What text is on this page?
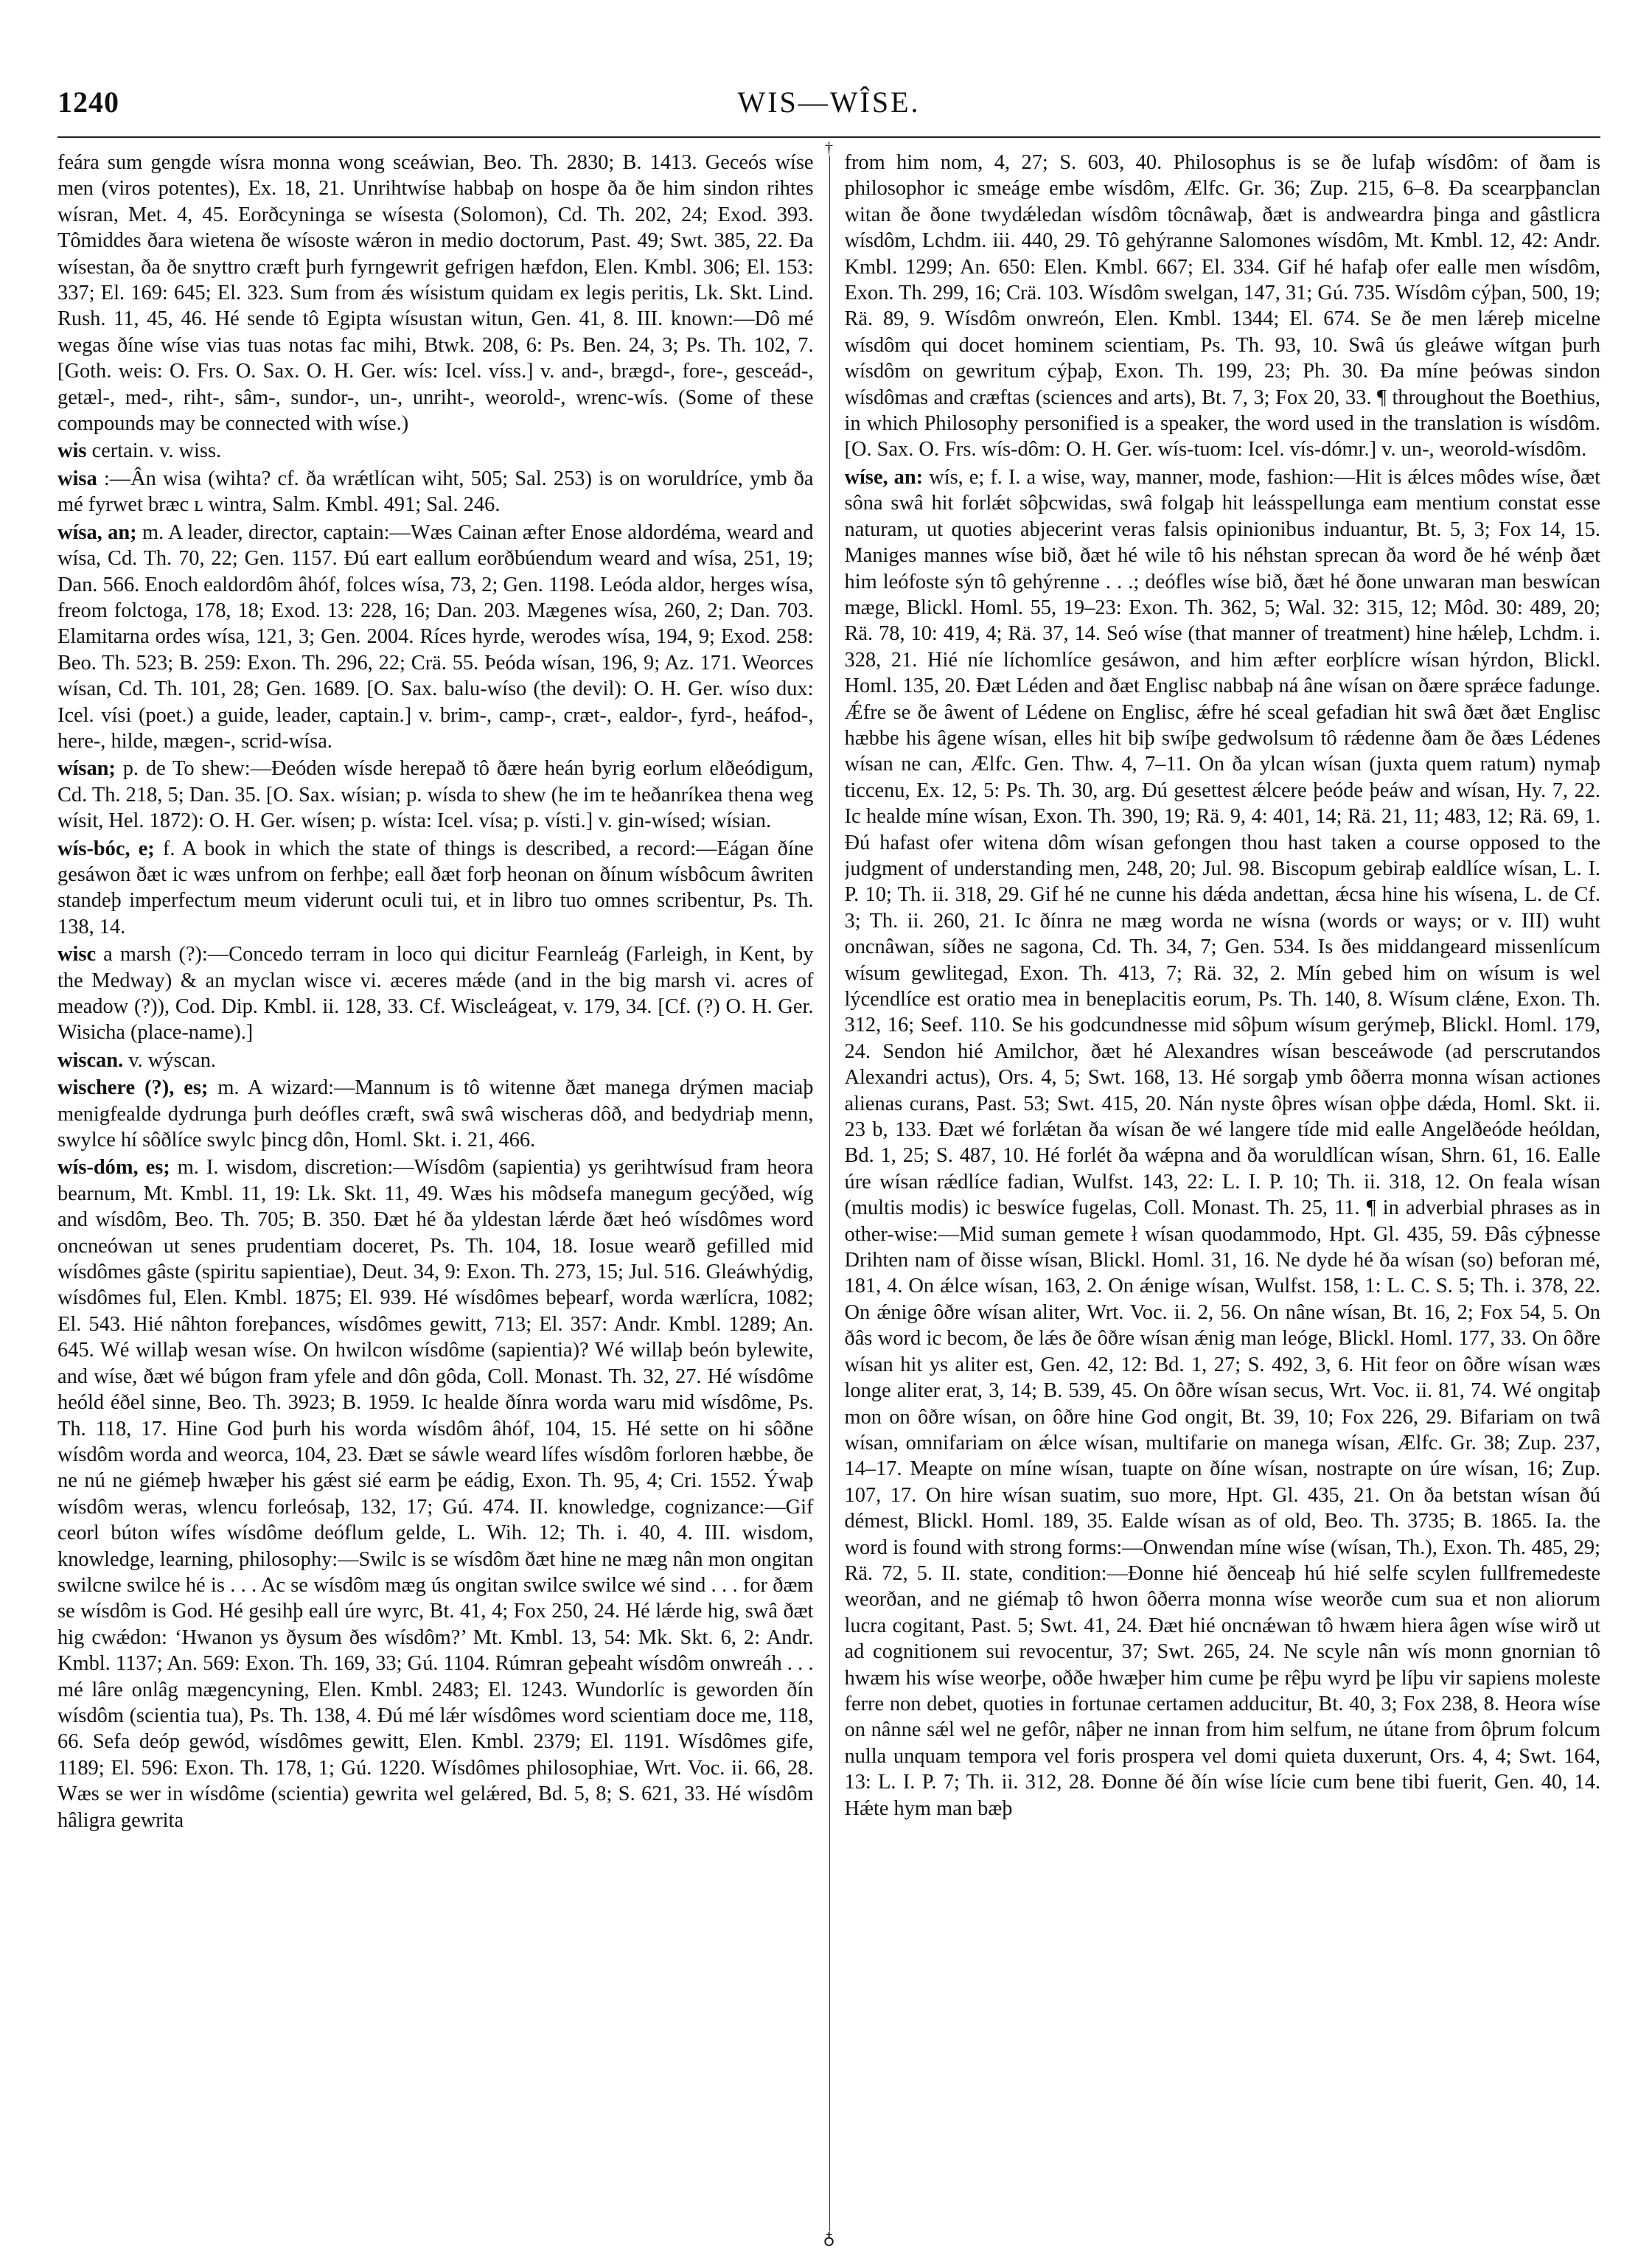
1240	WIS—WÎSE.

feára sum gengde wísra monna wong sceáwian, Beo. Th. 2830; B. 1413. Geceós wíse men (viros potentes), Ex. 18, 21. Unrihtwíse habbaþ on hospe ða ðe him sindon rihtes wísran, Met. 4, 45. Eorðcyninga se wísesta (Solomon), Cd. Th. 202, 24; Exod. 393. Tômiddes ðara wietena ðe wísoste wǽron in medio doctorum, Past. 49; Swt. 385, 22. Ða wísestan, ða ðe snyttro cræft þurh fyrngewrit gefrigen hæfdon, Elen. Kmbl. 306; El. 153: 337; El. 169: 645; El. 323. Sum from ǽs wísistum quidam ex legis peritis, Lk. Skt. Lind. Rush. 11, 45, 46. Hé sende tô Egipta wísustan witun, Gen. 41, 8. III. known:—Dô mé wegas ðíne wíse vias tuas notas fac mihi, Btwk. 208, 6: Ps. Ben. 24, 3; Ps. Th. 102, 7. [Goth. weis: O. Frs. O. Sax. O. H. Ger. wís: Icel. víss.] v. and-, brægd-, fore-, gesceád-, getæl-, med-, riht-, sâm-, sundor-, un-, unriht-, weorold-, wrenc-wís. (Some of these compounds may be connected with wíse.)

wis certain. v. wiss.

wisa :—Ân wisa (wihta? cf. ða wrǽtlícan wiht, 505; Sal. 253) is on woruldríce, ymb ða mé fyrwet bræc ʟ wintra, Salm. Kmbl. 491; Sal. 246.

wísa, an; m. A leader, director, captain:—Wæs Cainan æfter Enose aldordéma, weard and wísa, Cd. Th. 70, 22; Gen. 1157. Ðú eart eallum eorðbúendum weard and wísa, 251, 19; Dan. 566. Enoch ealdordôm âhóf, folces wísa, 73, 2; Gen. 1198. Leóda aldor, herges wísa, freom folctoga, 178, 18; Exod. 13: 228, 16; Dan. 203. Mægenes wísa, 260, 2; Dan. 703. Elamitarna ordes wísa, 121, 3; Gen. 2004. Ríces hyrde, werodes wísa, 194, 9; Exod. 258: Beo. Th. 523; B. 259: Exon. Th. 296, 22; Crä. 55. Þeóda wísan, 196, 9; Az. 171. Weorces wísan, Cd. Th. 101, 28; Gen. 1689. [O. Sax. balu-wíso (the devil): O. H. Ger. wíso dux: Icel. vísi (poet.) a guide, leader, captain.] v. brim-, camp-, cræt-, ealdor-, fyrd-, heáfod-, here-, hilde, mægen-, scrid-wísa.

wísan; p. de To shew:—Ðeóden wísde herepað tô ðære heán byrig eorlum elðeódigum, Cd. Th. 218, 5; Dan. 35. [O. Sax. wísian; p. wísda to shew (he im te heðanríkea thena weg wísit, Hel. 1872): O. H. Ger. wísen; p. wísta: Icel. vísa; p. vísti.] v. gin-wísed; wísian.

wís-bóc, e; f. A book in which the state of things is described, a record:—Eágan ðíne gesáwon ðæt ic wæs unfrom on ferhþe; eall ðæt forþ heonan on ðínum wísbôcum âwriten standeþ imperfectum meum viderunt oculi tui, et in libro tuo omnes scribentur, Ps. Th. 138, 14.

wisc a marsh (?):—Concedo terram in loco qui dicitur Fearnleág (Farleigh, in Kent, by the Medway) & an myclan wisce vi. æceres mǽde (and in the big marsh vi. acres of meadow (?)), Cod. Dip. Kmbl. ii. 128, 33. Cf. Wiscleágeat, v. 179, 34. [Cf. (?) O. H. Ger. Wisicha (place-name).]

wiscan. v. wýscan.

wischere (?), es; m. A wizard:—Mannum is tô witenne ðæt manega drýmen maciaþ menigfealde dydrunga þurh deófles cræft, swâ swâ wischeras dôð, and bedydriaþ menn, swylce hí sôðlíce swylc þincg dôn, Homl. Skt. i. 21, 466.

wís-dóm, es; m. I. wisdom, discretion:—Wísdôm (sapientia) ys gerihtwísud fram heora bearnum, Mt. Kmbl. 11, 19: Lk. Skt. 11, 49. Wæs his môdsefa manegum gecýðed, wíg and wísdôm, Beo. Th. 705; B. 350. Ðæt hé ða yldestan lǽrde ðæt heó wísdômes word oncneówan ut senes prudentiam doceret, Ps. Th. 104, 18. Iosue wearð gefilled mid wísdômes gâste (spiritu sapientiae), Deut. 34, 9: Exon. Th. 273, 15; Jul. 516. Gleáwhýdig, wísdômes ful, Elen. Kmbl. 1875; El. 939. Hé wísdômes beþearf, worda wærlícra, 1082; El. 543. Hié nâhton foreþances, wísdômes gewitt, 713; El. 357: Andr. Kmbl. 1289; An. 645. Wé willaþ wesan wíse. On hwilcon wísdôme (sapientia)? Wé willaþ beón bylewite, and wíse, ðæt wé búgon fram yfele and dôn gôda, Coll. Monast. Th. 32, 27. Hé wísdôme heóld éðel sinne, Beo. Th. 3923; B. 1959. Ic healde ðínra worda waru mid wísdôme, Ps. Th. 118, 17. Hine God þurh his worda wísdôm âhóf, 104, 15. Hé sette on hi sôðne wísdôm worda and weorca, 104, 23. Ðæt se sáwle weard lífes wísdôm forloren hæbbe, ðe ne nú ne giémeþ hwæþer his gǽst sié earm þe eádig, Exon. Th. 95, 4; Cri. 1552. Ýwaþ wísdôm weras, wlencu forleósaþ, 132, 17; Gú. 474. II. knowledge, cognizance:—Gif ceorl búton wífes wísdôme deóflum gelde, L. Wih. 12; Th. i. 40, 4. III. wisdom, knowledge, learning, philosophy:—Swilc is se wísdôm ðæt hine ne mæg nân mon ongitan swilcne swilce hé is . . . Ac se wísdôm mæg ús ongitan swilce swilce wé sind . . . for ðæm se wísdôm is God. Hé gesihþ eall úre wyrc, Bt. 41, 4; Fox 250, 24. Hé lǽrde hig, swâ ðæt hig cwǽdon: ‘Hwanon ys ðysum ðes wísdôm?’ Mt. Kmbl. 13, 54: Mk. Skt. 6, 2: Andr. Kmbl. 1137; An. 569: Exon. Th. 169, 33; Gú. 1104. Rúmran geþeaht wísdôm onwreáh . . . mé lâre onlâg mægencyning, Elen. Kmbl. 2483; El. 1243. Wundorlíc is geworden ðín wísdôm (scientia tua), Ps. Th. 138, 4. Ðú mé lǽr wísdômes word scientiam doce me, 118, 66. Sefa deóp gewód, wísdômes gewitt, Elen. Kmbl. 2379; El. 1191. Wísdômes gife, 1189; El. 596: Exon. Th. 178, 1; Gú. 1220. Wísdômes philosophiae, Wrt. Voc. ii. 66, 28. Wæs se wer in wísdôme (scientia) gewrita wel gelǽred, Bd. 5, 8; S. 621, 33. Hé wísdôm hâligra gewrita

from him nom, 4, 27; S. 603, 40. Philosophus is se ðe lufaþ wísdôm: of ðam is philosophor ic smeáge embe wísdôm, Ælfc. Gr. 36; Zup. 215, 6–8. Ða scearpþanclan witan ðe ðone twydǽledan wísdôm tôcnâwaþ, ðæt is andweardra þinga and gâstlicra wísdôm, Lchdm. iii. 440, 29. Tô gehýranne Salomones wísdôm, Mt. Kmbl. 12, 42: Andr. Kmbl. 1299; An. 650: Elen. Kmbl. 667; El. 334. Gif hé hafaþ ofer ealle men wísdôm, Exon. Th. 299, 16; Crä. 103. Wísdôm swelgan, 147, 31; Gú. 735. Wísdôm cýþan, 500, 19; Rä. 89, 9. Wísdôm onwreón, Elen. Kmbl. 1344; El. 674. Se ðe men lǽreþ micelne wísdôm qui docet hominem scientiam, Ps. Th. 93, 10. Swâ ús gleáwe wítgan þurh wísdôm on gewritum cýþaþ, Exon. Th. 199, 23; Ph. 30. Ða míne þeówas sindon wísdômas and cræftas (sciences and arts), Bt. 7, 3; Fox 20, 33. ¶ throughout the Boethius, in which Philosophy personified is a speaker, the word used in the translation is wísdôm. [O. Sax. O. Frs. wís-dôm: O. H. Ger. wís-tuom: Icel. vís-dómr.] v. un-, weorold-wísdôm.

wíse, an: wís, e; f. I. a wise, way, manner, mode, fashion:—Hit is ǽlces môdes wíse, ðæt sôna swâ hit forlǽt sôþcwidas, swâ folgaþ hit leásspellunga eam mentium constat esse naturam, ut quoties abjecerint veras falsis opinionibus induantur, Bt. 5, 3; Fox 14, 15. Maniges mannes wíse bið, ðæt hé wile tô his néhstan sprecan ða word ðe hé wénþ ðæt him leófoste sýn tô gehýrenne . . .; deófles wíse bið, ðæt hé ðone unwaran man beswícan mæge, Blickl. Homl. 55, 19–23: Exon. Th. 362, 5; Wal. 32: 315, 12; Môd. 30: 489, 20; Rä. 78, 10: 419, 4; Rä. 37, 14. Seó wíse (that manner of treatment) hine hǽleþ, Lchdm. i. 328, 21. Hié níe líchomlíce gesáwon, and him æfter eorþlícre wísan hýrdon, Blickl. Homl. 135, 20. Ðæt Léden and ðæt Englisc nabbaþ ná âne wísan on ðære sprǽce fadunge. Ǽfre se ðe âwent of Lédene on Englisc, ǽfre hé sceal gefadian hit swâ ðæt ðæt Englisc hæbbe his âgene wísan, elles hit biþ swíþe gedwolsum tô rǽdenne ðam ðe ðæs Lédenes wísan ne can, Ælfc. Gen. Thw. 4, 7–11. On ða ylcan wísan (juxta quem ratum) nymaþ ticcenu, Ex. 12, 5: Ps. Th. 30, arg. Ðú gesettest ǽlcere þeóde þeáw and wísan, Hy. 7, 22. Ic healde míne wísan, Exon. Th. 390, 19; Rä. 9, 4: 401, 14; Rä. 21, 11; 483, 12; Rä. 69, 1. Ðú hafast ofer witena dôm wísan gefongen thou hast taken a course opposed to the judgment of understanding men, 248, 20; Jul. 98. Biscopum gebiraþ ealdlíce wísan, L. I. P. 10; Th. ii. 318, 29. Gif hé ne cunne his dǽda andettan, ǽcsa hine his wísena, L. de Cf. 3; Th. ii. 260, 21. Ic ðínra ne mæg worda ne wísna (words or ways; or v. III) wuht oncnâwan, síðes ne sagona, Cd. Th. 34, 7; Gen. 534. Is ðes middangeard missenlícum wísum gewlitegad, Exon. Th. 413, 7; Rä. 32, 2. Mín gebed him on wísum is wel lýcendlíce est oratio mea in beneplacitis eorum, Ps. Th. 140, 8. Wísum clǽne, Exon. Th. 312, 16; Seef. 110. Se his godcundnesse mid sôþum wísum gerýmeþ, Blickl. Homl. 179, 24. Sendon hié Amilchor, ðæt hé Alexandres wísan besceáwode (ad perscrutandos Alexandri actus), Ors. 4, 5; Swt. 168, 13. Hé sorgaþ ymb ôðerra monna wísan actiones alienas curans, Past. 53; Swt. 415, 20. Nán nyste ôþres wísan oþþe dǽda, Homl. Skt. ii. 23 b, 133. Ðæt wé forlǽtan ða wísan ðe wé langere tíde mid ealle Angelðeóde heóldan, Bd. 1, 25; S. 487, 10. Hé forlét ða wǽpna and ða woruldlícan wísan, Shrn. 61, 16. Ealle úre wísan rǽdlíce fadian, Wulfst. 143, 22: L. I. P. 10; Th. ii. 318, 12. On feala wísan (multis modis) ic beswíce fugelas, Coll. Monast. Th. 25, 11. ¶ in adverbial phrases as in other-wise:—Mid suman gemete ł wísan quodammodo, Hpt. Gl. 435, 59. Ðâs cýþnesse Drihten nam of ðisse wísan, Blickl. Homl. 31, 16. Ne dyde hé ða wísan (so) beforan mé, 181, 4. On ǽlce wísan, 163, 2. On ǽnige wísan, Wulfst. 158, 1: L. C. S. 5; Th. i. 378, 22. On ǽnige ôðre wísan aliter, Wrt. Voc. ii. 2, 56. On nâne wísan, Bt. 16, 2; Fox 54, 5. On ðâs word ic becom, ðe lǽs ðe ôðre wísan ǽnig man leóge, Blickl. Homl. 177, 33. On ôðre wísan hit ys aliter est, Gen. 42, 12: Bd. 1, 27; S. 492, 3, 6. Hit feor on ôðre wísan wæs longe aliter erat, 3, 14; B. 539, 45. On ôðre wísan secus, Wrt. Voc. ii. 81, 74. Wé ongitaþ mon on ôðre wísan, on ôðre hine God ongit, Bt. 39, 10; Fox 226, 29. Bifariam on twâ wísan, omnifariam on ǽlce wísan, multifarie on manega wísan, Ælfc. Gr. 38; Zup. 237, 14–17. Meapte on míne wísan, tuapte on ðíne wísan, nostrapte on úre wísan, 16; Zup. 107, 17. On hire wísan suatim, suo more, Hpt. Gl. 435, 21. On ða betstan wísan ðú démest, Blickl. Homl. 189, 35. Ealde wísan as of old, Beo. Th. 3735; B. 1865. Ia. the word is found with strong forms:—Onwendan míne wíse (wísan, Th.), Exon. Th. 485, 29; Rä. 72, 5. II. state, condition:—Ðonne hié ðenceaþ hú hié selfe scylen fullfremedeste weorðan, and ne giémaþ tô hwon ôðerra monna wíse weorðe cum sua et non aliorum lucra cogitant, Past. 5; Swt. 41, 24. Ðæt hié oncnǽwan tô hwæm hiera âgen wíse wirð ut ad cognitionem sui revocentur, 37; Swt. 265, 24. Ne scyle nân wís monn gnornian tô hwæm his wíse weorþe, oððe hwæþer him cume þe rêþu wyrd þe líþu vir sapiens moleste ferre non debet, quoties in fortunae certamen adducitur, Bt. 40, 3; Fox 238, 8. Heora wíse on nânne sǽl wel ne gefôr, nâþer ne innan from him selfum, ne útane from ôþrum folcum nulla unquam tempora vel foris prospera vel domi quieta duxerunt, Ors. 4, 4; Swt. 164, 13: L. I. P. 7; Th. ii. 312, 28. Ðonne ðé ðín wíse lície cum bene tibi fuerit, Gen. 40, 14. Hǽte hym man bæþ

†
♁
